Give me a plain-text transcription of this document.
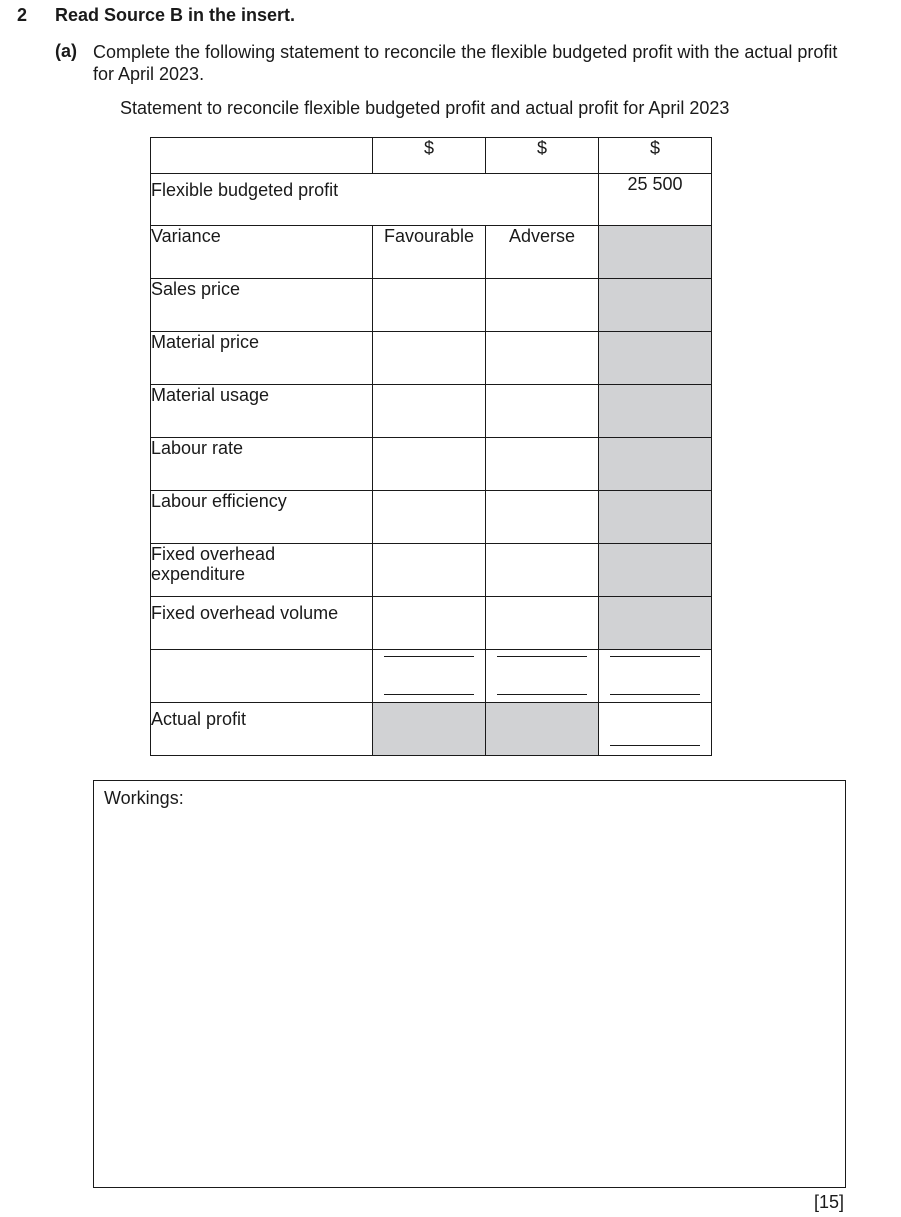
2 Read Source B in the insert.
(a) Complete the following statement to reconcile the flexible budgeted profit with the actual profit for April 2023.
Statement to reconcile flexible budgeted profit and actual profit for April 2023
	$	$	$
Flexible budgeted profit			25 500
Variance	Favourable	Adverse	
Sales price			
Material price			
Material usage			
Labour rate			
Labour efficiency			
Fixed overhead expenditure			
Fixed overhead volume			

Actual profit			
Workings:
[15]
